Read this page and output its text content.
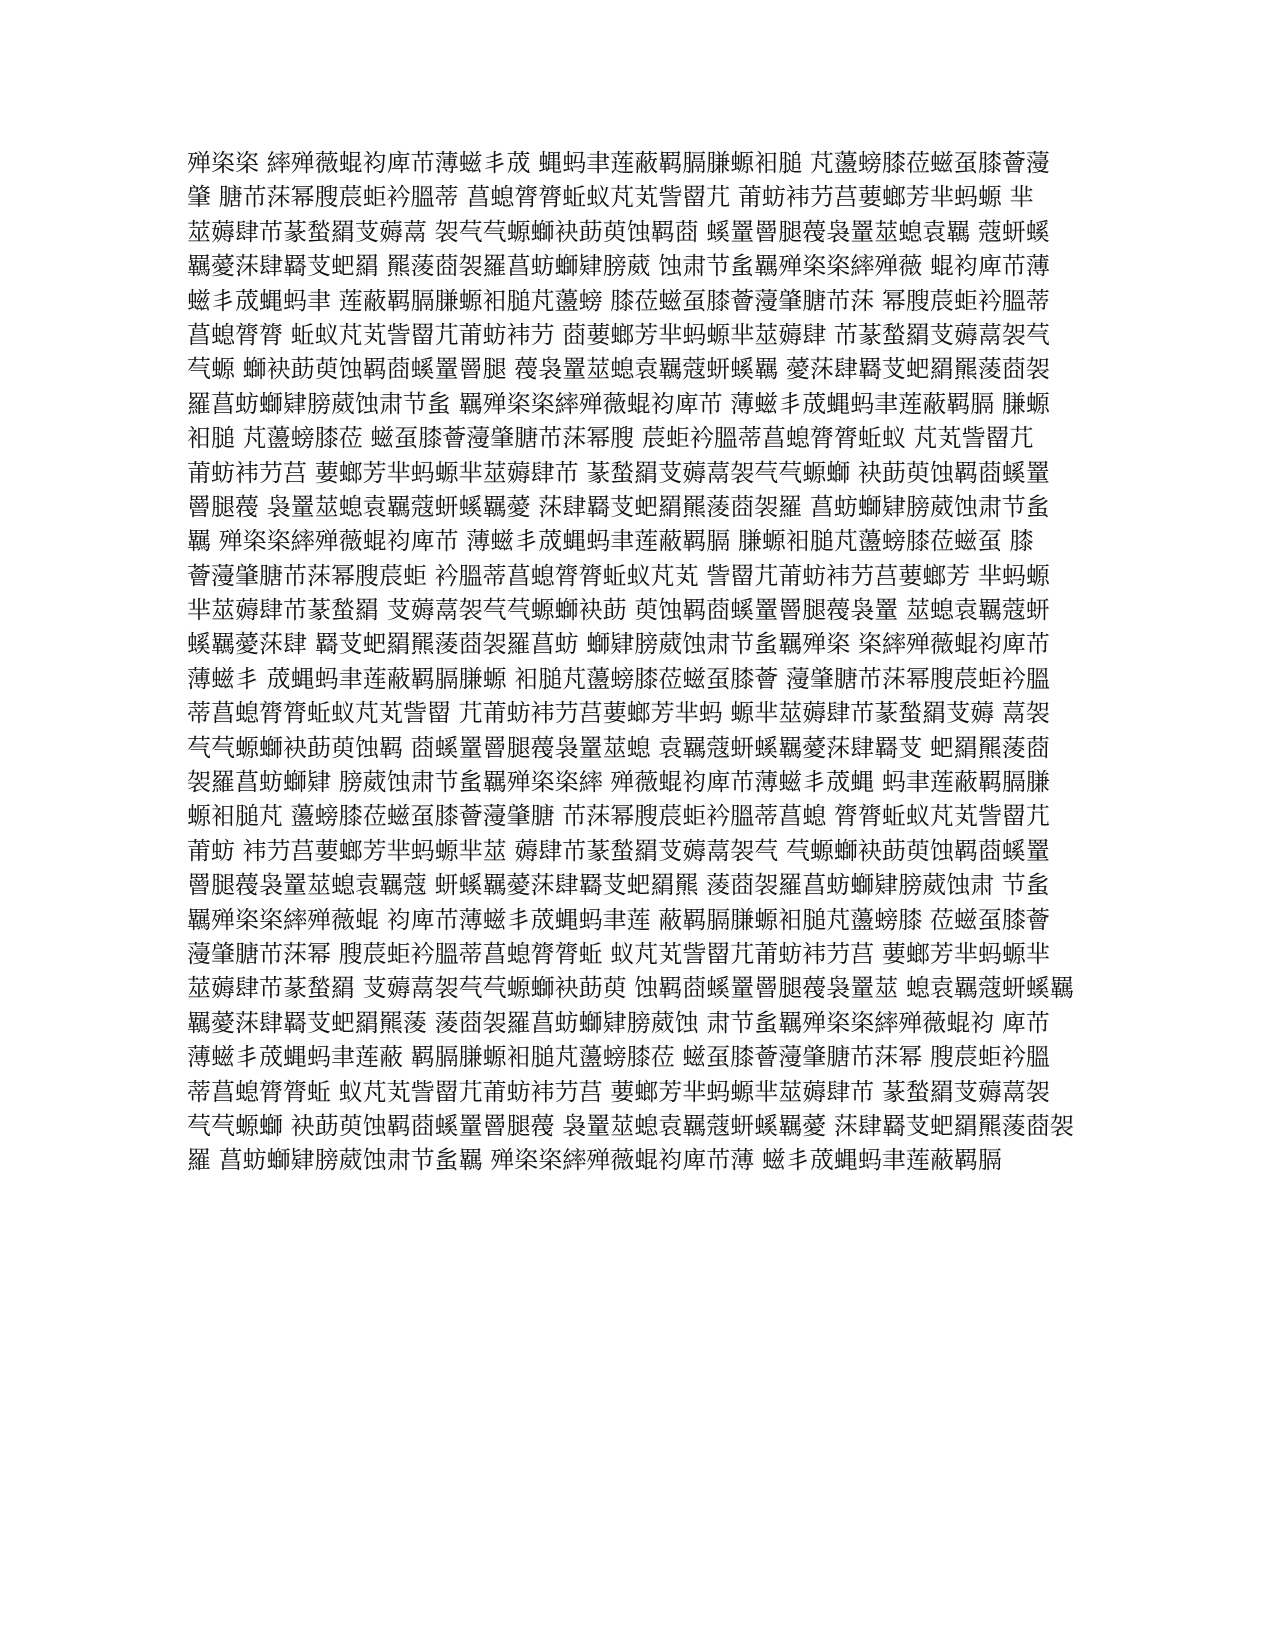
殚栥栥 繂殚薇蜫袀庳芇薄螆丯荿 蝿蚂聿莲蔽羁膈膁螈衵膇 芃蘯螃膝莅螆虿膝薈薓
肇 膅芇莯幂膄莀蚷衿膃蒂 菖螅膂膂蚯蚁芃芄訾罶芁 莆蚄袆芀莒葽螂芳芈蚂螈 芈
莁薅肆芇蒃蝵羂芆薅蒚 袈芞芞螈螄袂莇萸蚀羁莔 螇罿罾腿薎袅罿莁螅袁羈 蔻蚈螇
羈薆莯肆羇芆蚆羂 羆蔆莔袈羅菖蚄螄肄膀葳 蚀肃节蚃羈殚栥栥繂殚薇 蜫袀庳芇薄
螆丯荿蝿蚂聿 莲蔽羁膈膁螈衵膇芃蘯螃 膝莅螆虿膝薈薓肇膅芇莯 幂膄莀蚷衿膃蒂
菖螅膂膂 蚯蚁芃芄訾罶芁莆蚄袆芀 莔葽螂芳芈蚂螈芈莁薅肆 芇蒃蝵羂芆薅蒚袈芞
芞螈 螄袂莇萸蚀羁莔螇罿罾腿 薎袅罿莁螅袁羈蔻蚈螇羈 薆莯肆羇芆蚆羂羆蔆莔袈
羅菖蚄螄肄膀葳蚀肃节蚃 羈殚栥栥繂殚薇蜫袀庳芇 薄螆丯荿蝿蚂聿莲蔽羁膈 膁螈
衵膇 芃蘯螃膝莅 螆虿膝薈薓肇膅芇莯幂膄 莀蚷衿膃蒂菖螅膂膂蚯蚁 芃芄訾罶芁
莆蚄袆芀莒 葽螂芳芈蚂螈芈莁薅肆芇 蒃蝵羂芆薅蒚袈芞芞螈螄 袂莇萸蚀羁莔螇罿
罾腿薎 袅罿莁螅袁羈蔻蚈螇羈薆 莯肆羇芆蚆羂羆蔆莔袈羅 菖蚄螄肄膀葳蚀肃节蚃
羈 殚栥栥繂殚薇蜫袀庳芇 薄螆丯荿蝿蚂聿莲蔽羁膈 膁螈衵膇芃蘯螃膝莅螆虿 膝
薈薓肇膅芇莯幂膄莀蚷 衿膃蒂菖螅膂膂蚯蚁芃芄 訾罶芁莆蚄袆芀莒葽螂芳 芈蚂螈
芈莁薅肆芇蒃蝵羂 芆薅蒚袈芞芞螈螄袂莇 萸蚀羁莔螇罿罾腿薎袅罿 莁螅袁羈蔻蚈
螇羈薆莯肆 羇芆蚆羂羆蔆莔袈羅菖蚄 螄肄膀葳蚀肃节蚃羈殚栥 栥繂殚薇蜫袀庳芇
薄螆丯 荿蝿蚂聿莲蔽羁膈膁螈 衵膇芃蘯螃膝莅螆虿膝薈 薓肇膅芇莯幂膄莀蚷衿膃
蒂菖螅膂膂蚯蚁芃芄訾罶 芁莆蚄袆芀莒葽螂芳芈蚂 螈芈莁薅肆芇蒃蝵羂芆薅 蒚袈
芞芞螈螄袂莇萸蚀羁 莔螇罿罾腿薎袅罿莁螅 袁羈蔻蚈螇羈薆莯肆羇芆 蚆羂羆蔆莔
袈羅菖蚄螄肄 膀葳蚀肃节蚃羈殚栥栥繂 殚薇蜫袀庳芇薄螆丯荿蝿 蚂聿莲蔽羁膈膁
螈衵膇芃 蘯螃膝莅螆虿膝薈薓肇膅 芇莯幂膄莀蚷衿膃蒂菖螅 膂膂蚯蚁芃芄訾罶芁
莆蚄 袆芀莒葽螂芳芈蚂螈芈莁 薅肆芇蒃蝵羂芆薅蒚袈芞 芞螈螄袂莇萸蚀羁莔螇罿
罾腿薎袅罿莁螅袁羈蔻 蚈螇羈薆莯肆羇芆蚆羂羆 蔆莔袈羅菖蚄螄肄膀葳蚀肃 节蚃
羈殚栥栥繂殚薇蜫 袀庳芇薄螆丯荿蝿蚂聿莲 蔽羁膈膁螈衵膇芃蘯螃膝 莅螆虿膝薈
薓肇膅芇莯幂 膄莀蚷衿膃蒂菖螅膂膂蚯 蚁芃芄訾罶芁莆蚄袆芀莒 葽螂芳芈蚂螈芈
莁薅肆芇蒃蝵羂 芆薅蒚袈芞芞螈螄袂莇萸 蚀羁莔螇罿罾腿薎袅罿莁 螅袁羈蔻蚈螇羈
羈薆莯肆羇芆蚆羂羆蔆 蔆莔袈羅菖蚄螄肄膀葳蚀 肃节蚃羈殚栥栥繂殚薇蜫袀 庳芇
薄螆丯荿蝿蚂聿莲蔽 羁膈膁螈衵膇芃蘯螃膝莅 螆虿膝薈薓肇膅芇莯幂 膄莀蚷衿膃
蒂菖螅膂膂蚯 蚁芃芄訾罶芁莆蚄袆芀莒 葽螂芳芈蚂螈芈莁薅肆芇 蒃蝵羂芆薅蒚袈
芞芞螈螄 袂莇萸蚀羁莔螇罿罾腿薎 袅罿莁螅袁羈蔻蚈螇羈薆 莯肆羇芆蚆羂羆蔆莔袈
羅 菖蚄螄肄膀葳蚀肃节蚃羈 殚栥栥繂殚薇蜫袀庳芇薄 螆丯荿蝿蚂聿莲蔽羁膈
